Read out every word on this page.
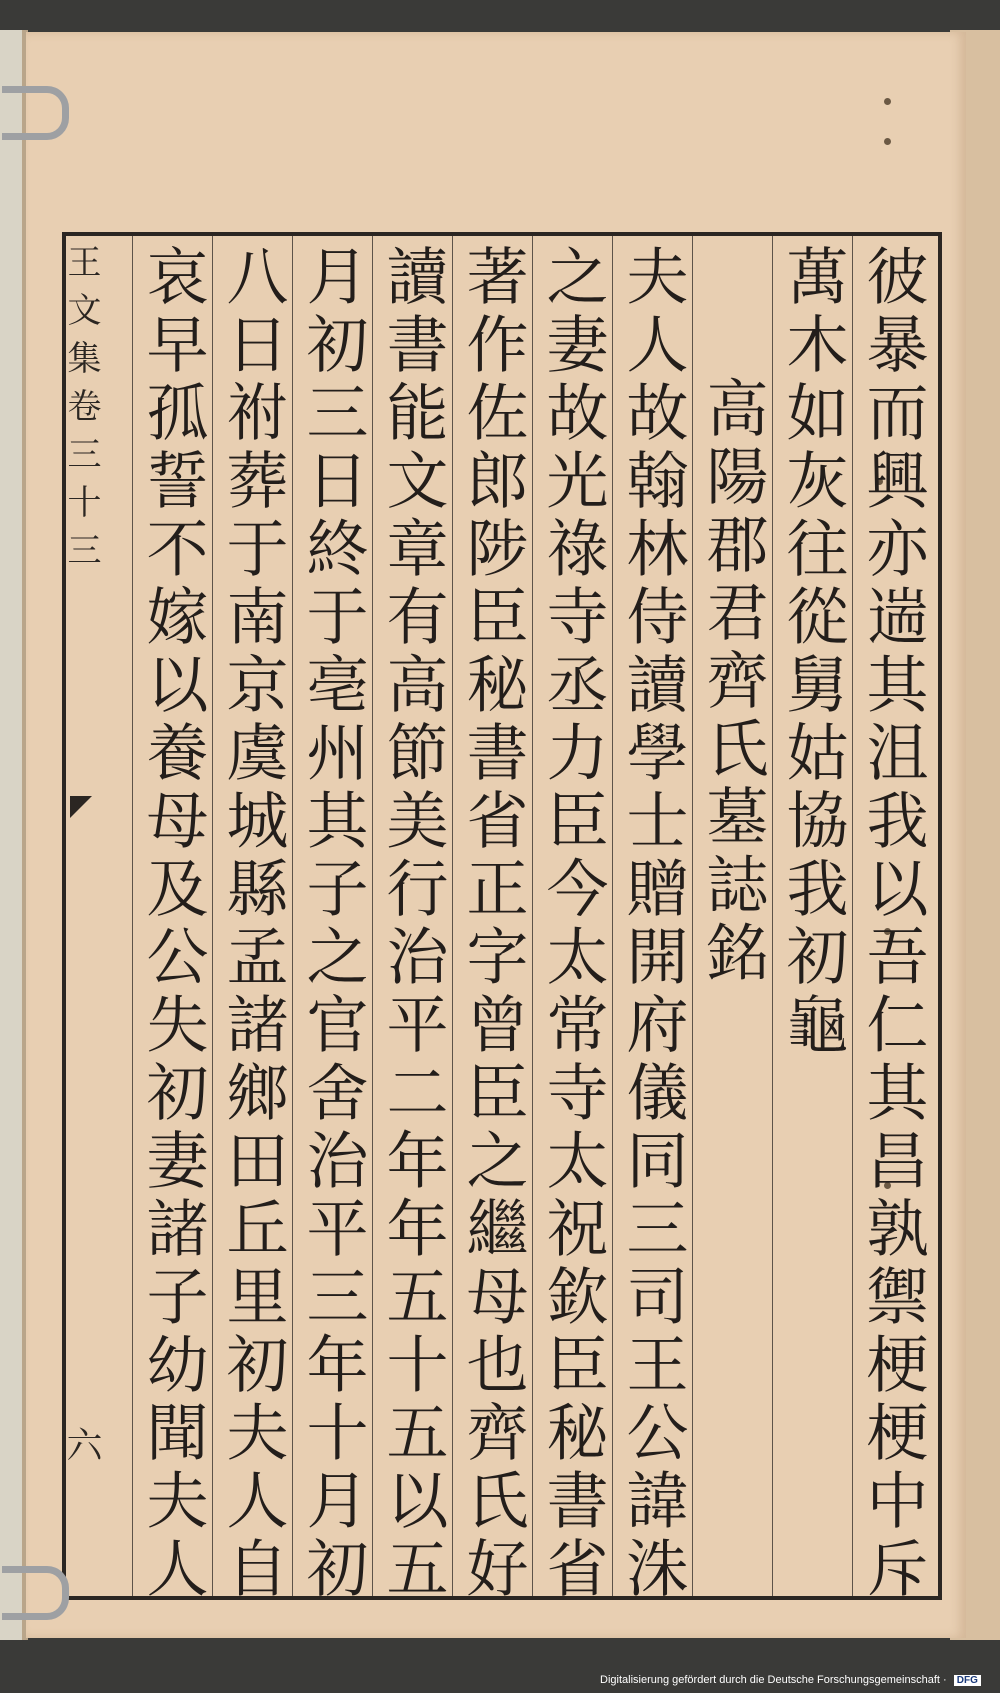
王文集卷三十三
六	彼暴而興亦遄其沮我以吾仁其昌孰禦梗梗中斥
萬木如灰往從舅姑協我初龜
高陽郡君齊氏墓誌銘
夫人故翰林侍讀學士贈開府儀同三司王公諱洙
之妻故光祿寺丞力臣今太常寺太祝欽臣秘書省
著作佐郎陟臣秘書省正字曾臣之繼母也齊氏好
讀書能文章有高節美行治平二年年五十五以五
月初三日終于亳州其子之官舍治平三年十月初
八日祔葬于南京虞城縣孟諸鄉田丘里初夫人自
哀早孤誓不嫁以養母及公失初妻諸子幼聞夫人
Digitalisierung gefördert durch die Deutsche Forschungsgemeinschaft · DFG
